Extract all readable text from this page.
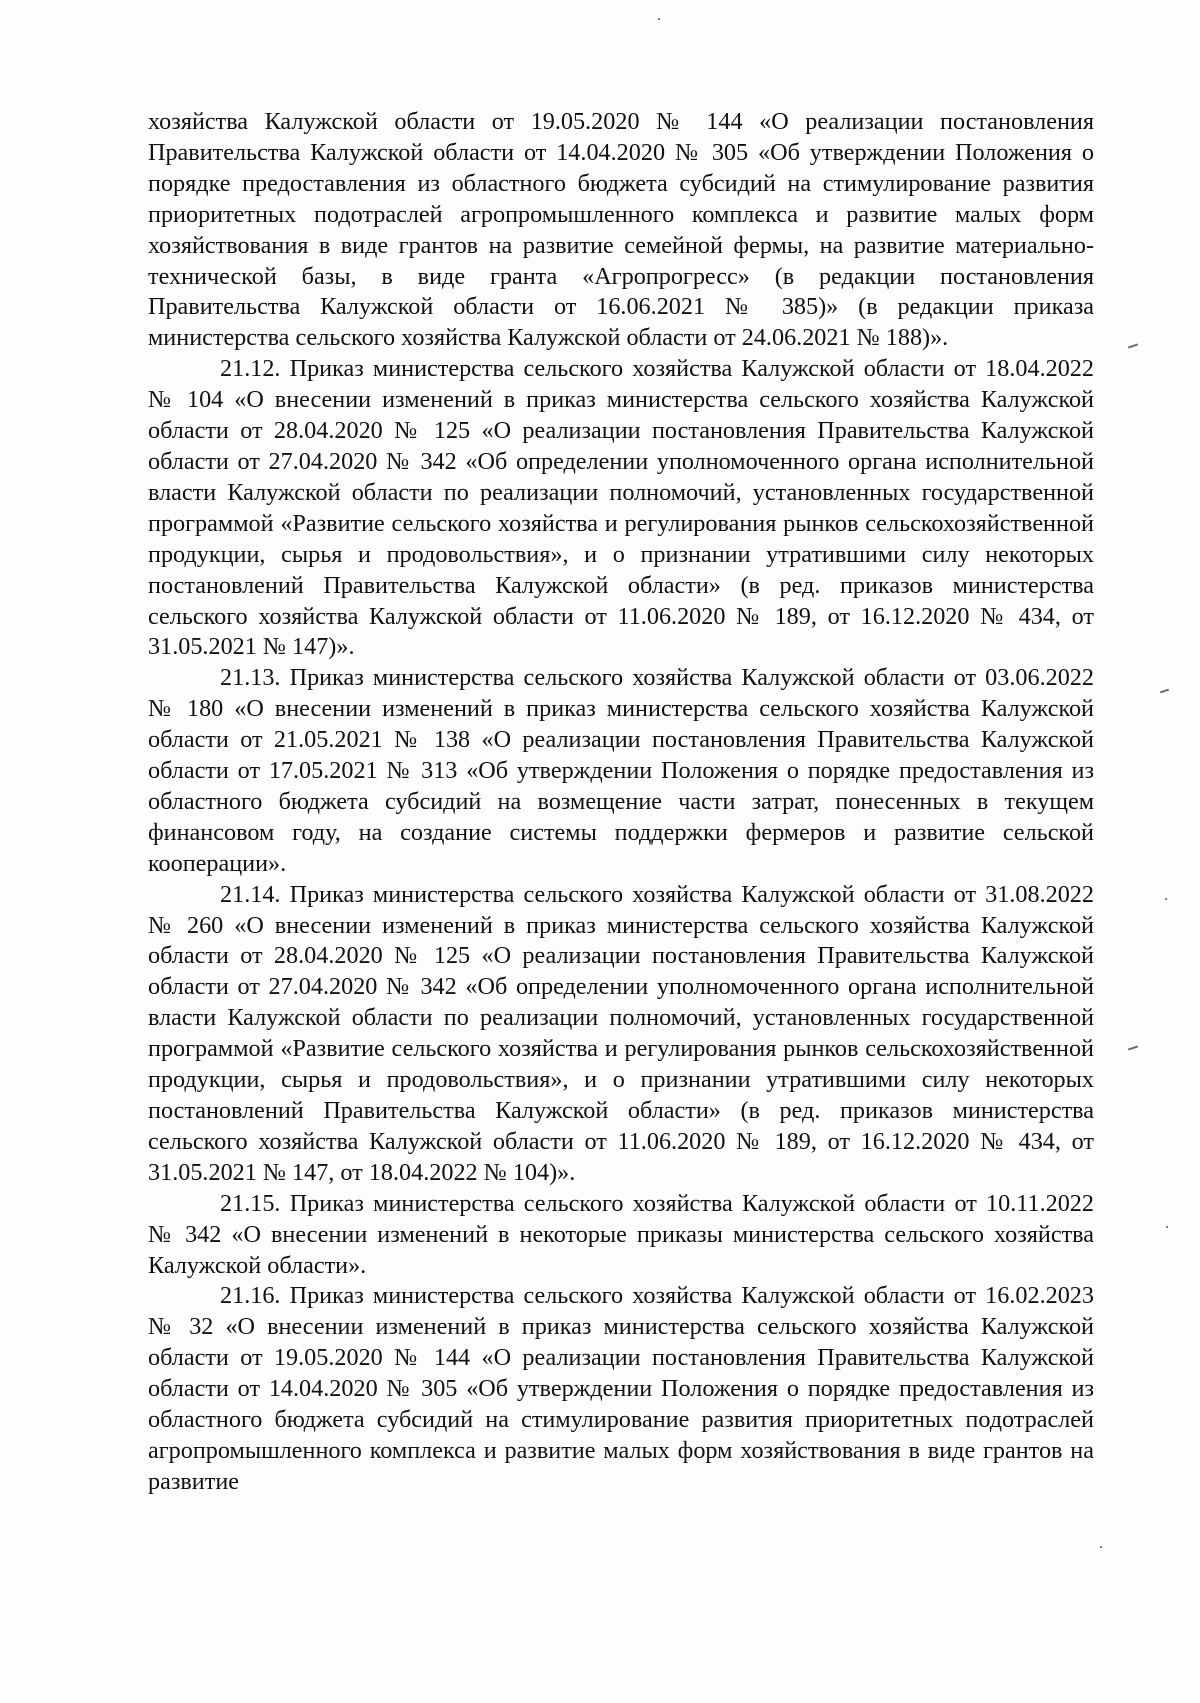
хозяйства Калужской области от 19.05.2020 № 144 «О реализации постановления Правительства Калужской области от 14.04.2020 № 305 «Об утверждении Положения о порядке предоставления из областного бюджета субсидий на стимулирование развития приоритетных подотраслей агропромышленного комплекса и развитие малых форм хозяйствования в виде грантов на развитие семейной фермы, на развитие материально-технической базы, в виде гранта «Агропрогресс» (в редакции постановления Правительства Калужской области от 16.06.2021 № 385)» (в редакции приказа министерства сельского хозяйства Калужской области от 24.06.2021 № 188)».

21.12. Приказ министерства сельского хозяйства Калужской области от 18.04.2022 № 104 «О внесении изменений в приказ министерства сельского хозяйства Калужской области от 28.04.2020 № 125 «О реализации постановления Правительства Калужской области от 27.04.2020 № 342 «Об определении уполномоченного органа исполнительной власти Калужской области по реализации полномочий, установленных государственной программой «Развитие сельского хозяйства и регулирования рынков сельскохозяйственной продукции, сырья и продовольствия», и о признании утратившими силу некоторых постановлений Правительства Калужской области» (в ред. приказов министерства сельского хозяйства Калужской области от 11.06.2020 № 189, от 16.12.2020 № 434, от 31.05.2021 № 147)».

21.13. Приказ министерства сельского хозяйства Калужской области от 03.06.2022 № 180 «О внесении изменений в приказ министерства сельского хозяйства Калужской области от 21.05.2021 № 138 «О реализации постановления Правительства Калужской области от 17.05.2021 № 313 «Об утверждении Положения о порядке предоставления из областного бюджета субсидий на возмещение части затрат, понесенных в текущем финансовом году, на создание системы поддержки фермеров и развитие сельской кооперации».

21.14. Приказ министерства сельского хозяйства Калужской области от 31.08.2022 № 260 «О внесении изменений в приказ министерства сельского хозяйства Калужской области от 28.04.2020 № 125 «О реализации постановления Правительства Калужской области от 27.04.2020 № 342 «Об определении уполномоченного органа исполнительной власти Калужской области по реализации полномочий, установленных государственной программой «Развитие сельского хозяйства и регулирования рынков сельскохозяйственной продукции, сырья и продовольствия», и о признании утратившими силу некоторых постановлений Правительства Калужской области» (в ред. приказов министерства сельского хозяйства Калужской области от 11.06.2020 № 189, от 16.12.2020 № 434, от 31.05.2021 № 147, от 18.04.2022 № 104)».

21.15. Приказ министерства сельского хозяйства Калужской области от 10.11.2022 № 342 «О внесении изменений в некоторые приказы министерства сельского хозяйства Калужской области».

21.16. Приказ министерства сельского хозяйства Калужской области от 16.02.2023 № 32 «О внесении изменений в приказ министерства сельского хозяйства Калужской области от 19.05.2020 № 144 «О реализации постановления Правительства Калужской области от 14.04.2020 № 305 «Об утверждении Положения о порядке предоставления из областного бюджета субсидий на стимулирование развития приоритетных подотраслей агропромышленного комплекса и развитие малых форм хозяйствования в виде грантов на развитие
